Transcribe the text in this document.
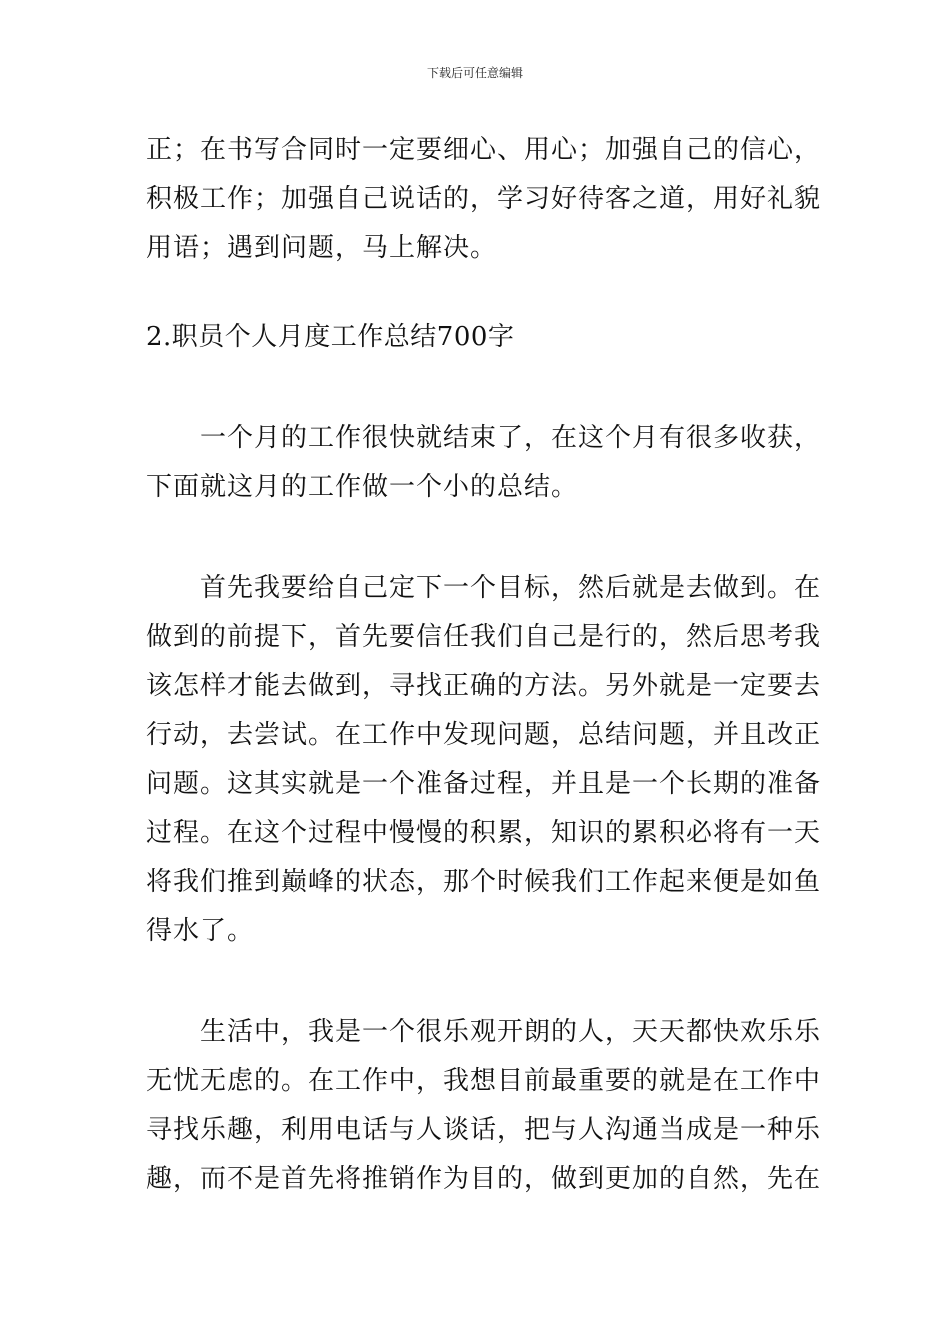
下载后可任意编辑

正；在书写合同时一定要细心、用心；加强自己的信心，
积极工作；加强自己说话的，学习好待客之道，用好礼貌
用语；遇到问题，马上解决。

2.职员个人月度工作总结700字

一个月的工作很快就结束了，在这个月有很多收获，
下面就这月的工作做一个小的总结。

首先我要给自己定下一个目标，然后就是去做到。在
做到的前提下，首先要信任我们自己是行的，然后思考我
该怎样才能去做到，寻找正确的方法。另外就是一定要去
行动，去尝试。在工作中发现问题，总结问题，并且改正
问题。这其实就是一个准备过程，并且是一个长期的准备
过程。在这个过程中慢慢的积累，知识的累积必将有一天
将我们推到巅峰的状态，那个时候我们工作起来便是如鱼
得水了。

生活中，我是一个很乐观开朗的人，天天都快欢乐乐
无忧无虑的。在工作中，我想目前最重要的就是在工作中
寻找乐趣，利用电话与人谈话，把与人沟通当成是一种乐
趣，而不是首先将推销作为目的，做到更加的自然，先在
